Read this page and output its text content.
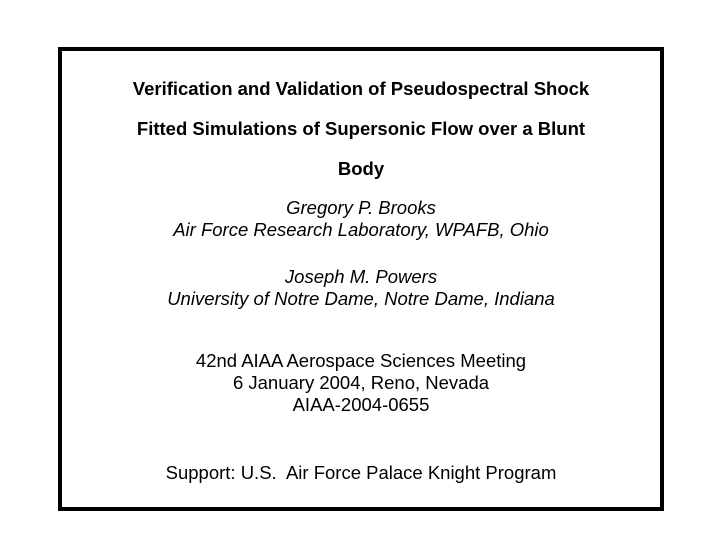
Verification and Validation of Pseudospectral Shock
Fitted Simulations of Supersonic Flow over a Blunt
Body
Gregory P. Brooks
Air Force Research Laboratory, WPAFB, Ohio
Joseph M. Powers
University of Notre Dame, Notre Dame, Indiana
42nd AIAA Aerospace Sciences Meeting
6 January 2004, Reno, Nevada
AIAA-2004-0655
Support: U.S.  Air Force Palace Knight Program
